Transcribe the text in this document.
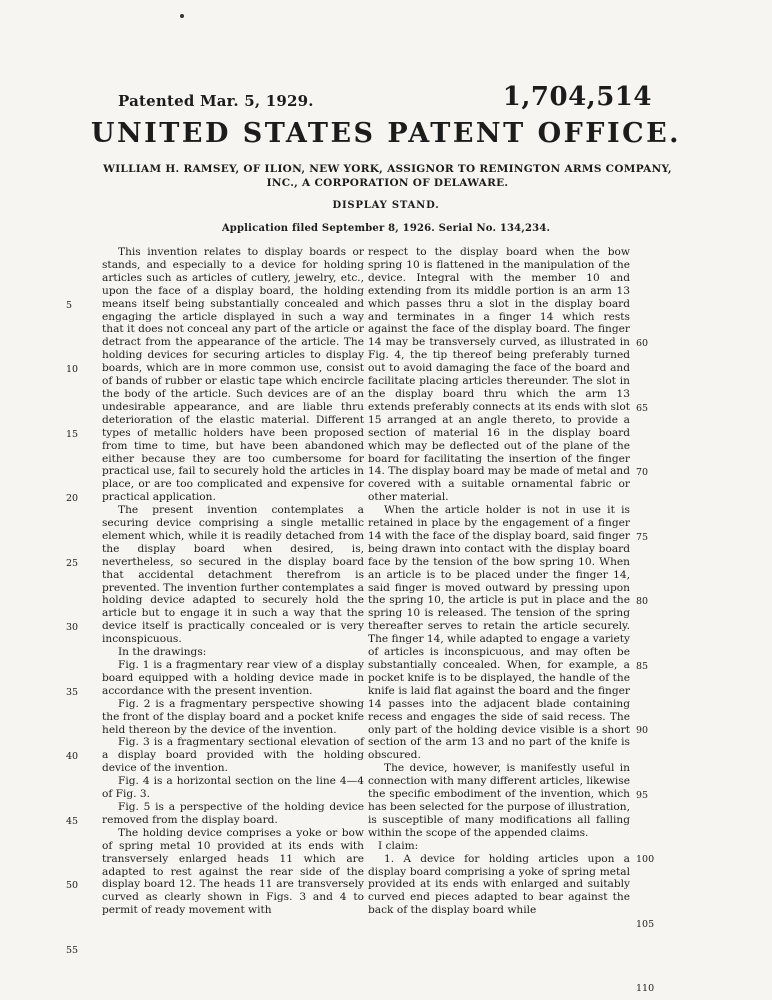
Patented Mar. 5, 1929.	1,704,514
UNITED STATES PATENT OFFICE.
WILLIAM H. RAMSEY, OF ILION, NEW YORK, ASSIGNOR TO REMINGTON ARMS COMPANY, INC., A CORPORATION OF DELAWARE.
DISPLAY STAND.
Application filed September 8, 1926. Serial No. 134,234.
5
10
15
20
25
30
35
40
45
50
55

This invention relates to display boards or stands, and especially to a device for holding articles such as articles of cutlery, jewelry, etc., upon the face of a display board, the holding means itself being substantially concealed and engaging the article displayed in such a way that it does not conceal any part of the article or detract from the appearance of the article. The holding devices for securing articles to display boards, which are in more common use, consist of bands of rubber or elastic tape which encircle the body of the article. Such devices are of an undesirable appearance, and are liable thru deterioration of the elastic material. Different types of metallic holders have been proposed from time to time, but have been abandoned either because they are too cumbersome for practical use, fail to securely hold the articles in place, or are too complicated and expensive for practical application.

The present invention contemplates a securing device comprising a single metallic element which, while it is readily detached from the display board when desired, is, nevertheless, so secured in the display board that accidental detachment therefrom is prevented. The invention further contemplates a holding device adapted to securely hold the article but to engage it in such a way that the device itself is practically concealed or is very inconspicuous.

In the drawings:

Fig. 1 is a fragmentary rear view of a display board equipped with a holding device made in accordance with the present invention.

Fig. 2 is a fragmentary perspective showing the front of the display board and a pocket knife held thereon by the device of the invention.

Fig. 3 is a fragmentary sectional elevation of a display board provided with the holding device of the invention.

Fig. 4 is a horizontal section on the line 4—4 of Fig. 3.

Fig. 5 is a perspective of the holding device removed from the display board.

The holding device comprises a yoke or bow of spring metal 10 provided at its ends with transversely enlarged heads 11 which are adapted to rest against the rear side of the display board 12. The heads 11 are transversely curved as clearly shown in Figs. 3 and 4 to permit of ready movement with

respect to the display board when the bow spring 10 is flattened in the manipulation of the device. Integral with the member 10 and extending from its middle portion is an arm 13 which passes thru a slot in the display board and terminates in a finger 14 which rests against the face of the display board. The finger 14 may be transversely curved, as illustrated in Fig. 4, the tip thereof being preferably turned out to avoid damaging the face of the board and facilitate placing articles thereunder. The slot in the display board thru which the arm 13 extends preferably connects at its ends with slot 15 arranged at an angle thereto, to provide a section of material 16 in the display board which may be deflected out of the plane of the board for facilitating the insertion of the finger 14. The display board may be made of metal and covered with a suitable ornamental fabric or other material.

When the article holder is not in use it is retained in place by the engagement of a finger 14 with the face of the display board, said finger being drawn into contact with the display board face by the tension of the bow spring 10. When an article is to be placed under the finger 14, said finger is moved outward by pressing upon the spring 10, the article is put in place and the spring 10 is released. The tension of the spring thereafter serves to retain the article securely. The finger 14, while adapted to engage a variety of articles is inconspicuous, and may often be substantially concealed. When, for example, a pocket knife is to be displayed, the handle of the knife is laid flat against the board and the finger 14 passes into the adjacent blade containing recess and engages the side of said recess. The only part of the holding device visible is a short section of the arm 13 and no part of the knife is obscured.

The device, however, is manifestly useful in connection with many different articles, likewise the specific embodiment of the invention, which has been selected for the purpose of illustration, is susceptible of many modifications all falling within the scope of the appended claims.

I claim:

1. A device for holding articles upon a display board comprising a yoke of spring metal provided at its ends with enlarged and suitably curved end pieces adapted to bear against the back of the display board while

60
65
70
75
80
85
90
95
100
105
110
